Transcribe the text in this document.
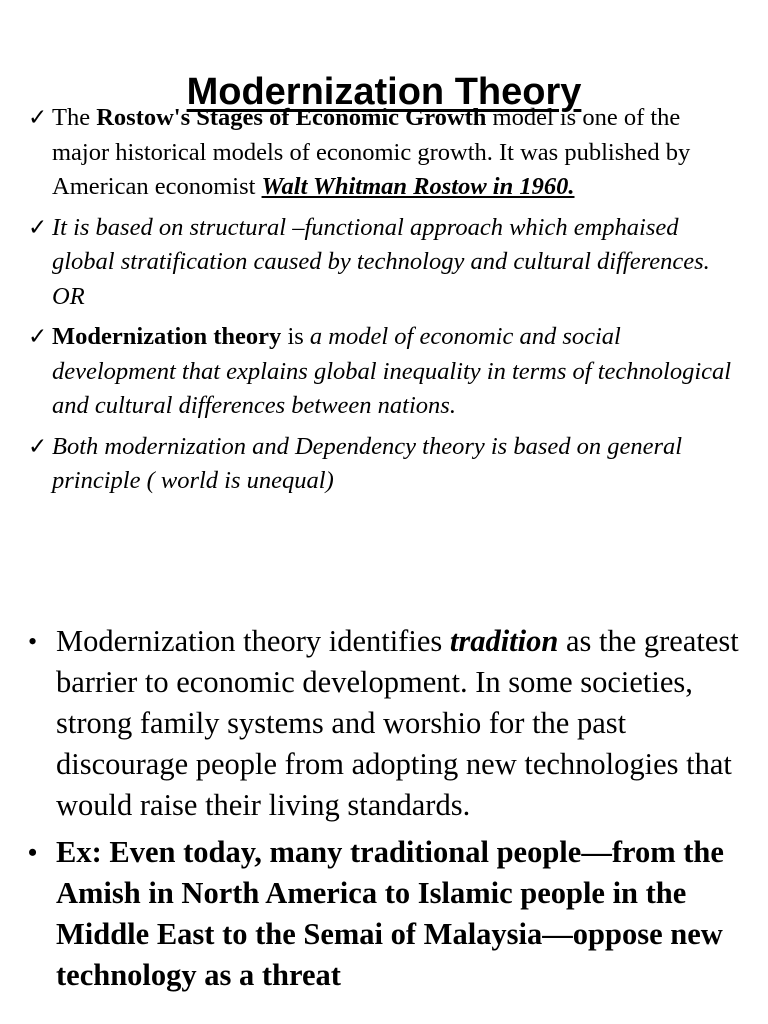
Modernization Theory
✓ The Rostow's Stages of Economic Growth model is one of the major historical models of economic growth. It was published by American economist Walt Whitman Rostow in 1960.
✓ It is based on structural –functional approach which emphaised global stratification caused by technology and cultural differences. OR
✓ Modernization theory is a model of economic and social development that explains global inequality in terms of technological and cultural differences between nations.
✓ Both modernization and Dependency theory is based on general principle ( world is unequal)
• Modernization theory identifies tradition as the greatest barrier to economic development. In some societies, strong family systems and worshio for the past discourage people from adopting new technologies that would raise their living standards.
• Ex: Even today, many traditional people—from the Amish in North America to Islamic people in the Middle East to the Semai of Malaysia—oppose new technology as a threat
